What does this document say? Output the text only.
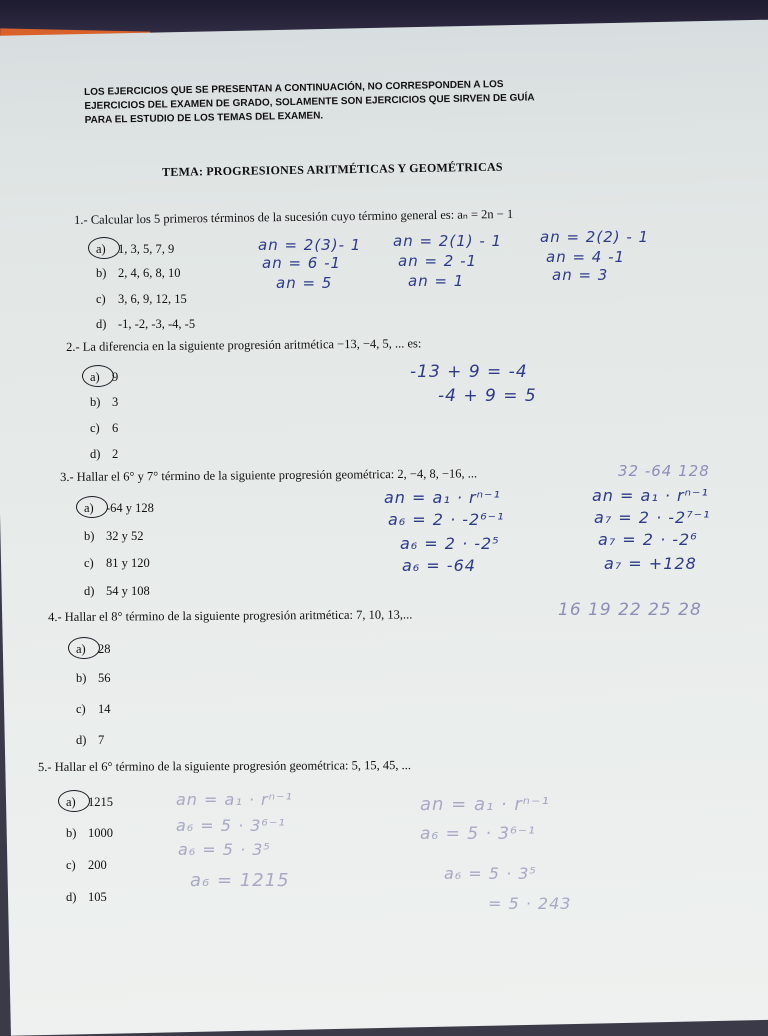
LOS EJERCICIOS QUE SE PRESENTAN A CONTINUACIÓN, NO CORRESPONDEN A LOS
EJERCICIOS DEL EXAMEN DE GRADO, SOLAMENTE SON EJERCICIOS QUE SIRVEN DE GUÍA
PARA EL ESTUDIO DE LOS TEMAS DEL EXAMEN.
TEMA: PROGRESIONES ARITMÉTICAS Y GEOMÉTRICAS
1.- Calcular los 5 primeros términos de la sucesión cuyo término general es: aₙ = 2n − 1
a) 1, 3, 5, 7, 9
b) 2, 4, 6, 8, 10
c) 3, 6, 9, 12, 15
d) -1, -2, -3, -4, -5
an = 2(3)- 1
an = 6 -1
an = 5
an = 2(1) - 1
an = 2 -1
an = 1
an = 2(2) - 1
an = 4 -1
an = 3
2.- La diferencia en la siguiente progresión aritmética −13, −4, 5, ... es:
a) 9
b) 3
c) 6
d) 2
-13 + 9 = -4
-4 + 9 = 5
3.- Hallar el 6° y 7° término de la siguiente progresión geométrica: 2, −4, 8, −16, ...	32 -64 128
a) -64 y 128
b) 32 y 52
c) 81 y 120
d) 54 y 108
an = a₁ · rⁿ⁻¹
a₆ = 2 · -2⁶⁻¹
a₆ = 2 · -2⁵
a₆ = -64
an = a₁ · rⁿ⁻¹
a₇ = 2 · -2⁷⁻¹
a₇ = 2 · -2⁶
a₇ = +128
4.- Hallar el 8° término de la siguiente progresión aritmética: 7, 10, 13,...	16 19 22 25 28
a) 28
b) 56
c) 14
d) 7
5.- Hallar el 6° término de la siguiente progresión geométrica: 5, 15, 45, ...
a) 1215
b) 1000
c) 200
d) 105
an = a₁ · rⁿ⁻¹
a₆ = 5 · 3⁶⁻¹
a₆ = 5 · 3⁵
a₆ = 1215
an = a₁ · rⁿ⁻¹
a₆ = 5 · 3⁶⁻¹
a₆ = 5 · 3⁵
= 5 · 243
